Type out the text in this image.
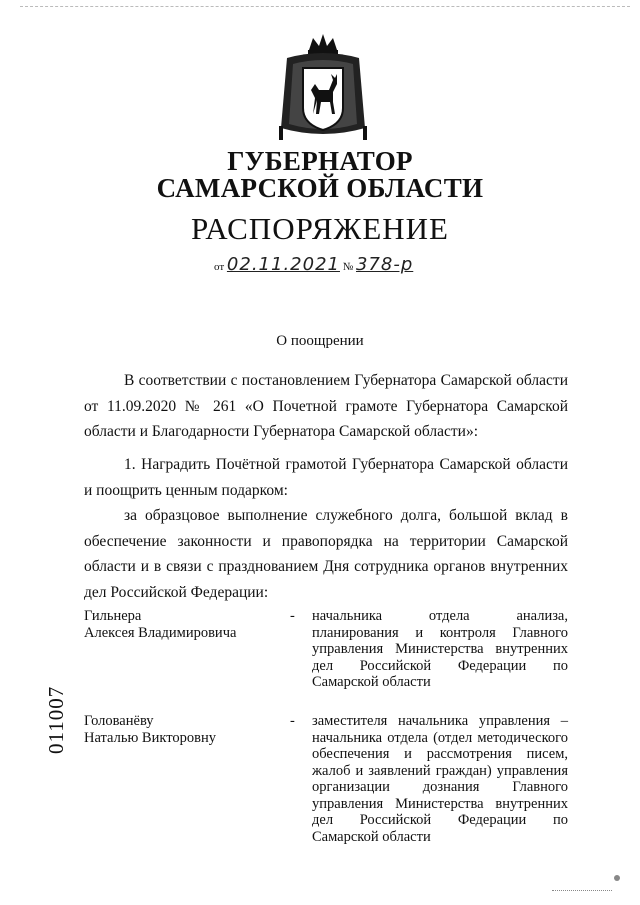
ГУБЕРНАТОР
САМАРСКОЙ ОБЛАСТИ
РАСПОРЯЖЕНИЕ
от 02.11.2021 № 378-р
О поощрении
В соответствии с постановлением Губернатора Самарской области от 11.09.2020 № 261 «О Почетной грамоте Губернатора Самарской области и Благодарности Губернатора Самарской области»:
1. Наградить Почётной грамотой Губернатора Самарской области и поощрить ценным подарком:
за образцовое выполнение служебного долга, большой вклад в обеспечение законности и правопорядка на территории Самарской области и в связи с празднованием Дня сотрудника органов внутренних дел Российской Федерации:
Гильнера
Алексея Владимировича
- начальника отдела анализа, планирования и контроля Главного управления Министерства внутренних дел Российской Федерации по Самарской области
Голованёву
Наталью Викторовну
- заместителя начальника управления – начальника отдела (отдел методического обеспечения и рассмотрения писем, жалоб и заявлений граждан) управления организации дознания Главного управления Министерства внутренних дел Российской Федерации по Самарской области
011007
